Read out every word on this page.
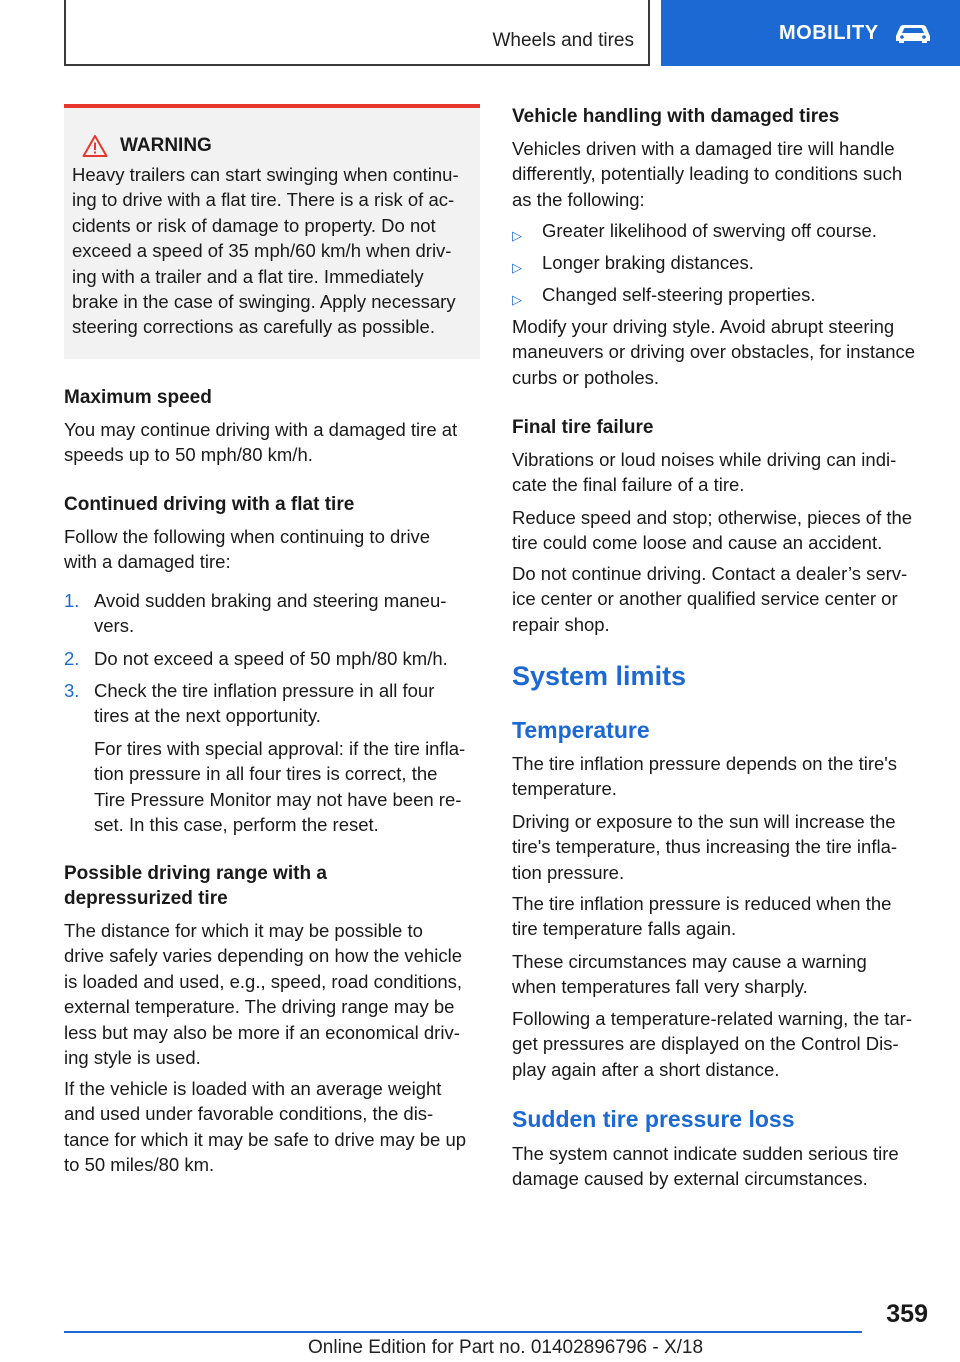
Wheels and tires	MOBILITY
WARNING
Heavy trailers can start swinging when continu-
ing to drive with a flat tire. There is a risk of ac-
cidents or risk of damage to property. Do not
exceed a speed of 35 mph/60 km/h when driv-
ing with a trailer and a flat tire. Immediately
brake in the case of swinging. Apply necessary
steering corrections as carefully as possible.
Maximum speed
You may continue driving with a damaged tire at
speeds up to 50 mph/80 km/h.
Continued driving with a flat tire
Follow the following when continuing to drive
with a damaged tire:
1. Avoid sudden braking and steering maneu-
vers.
2. Do not exceed a speed of 50 mph/80 km/h.
3. Check the tire inflation pressure in all four
tires at the next opportunity.
For tires with special approval: if the tire infla-
tion pressure in all four tires is correct, the
Tire Pressure Monitor may not have been re-
set. In this case, perform the reset.
Possible driving range with a
depressurized tire
The distance for which it may be possible to
drive safely varies depending on how the vehicle
is loaded and used, e.g., speed, road conditions,
external temperature. The driving range may be
less but may also be more if an economical driv-
ing style is used.
If the vehicle is loaded with an average weight
and used under favorable conditions, the dis-
tance for which it may be safe to drive may be up
to 50 miles/80 km.
Vehicle handling with damaged tires
Vehicles driven with a damaged tire will handle
differently, potentially leading to conditions such
as the following:
▷ Greater likelihood of swerving off course.
▷ Longer braking distances.
▷ Changed self-steering properties.
Modify your driving style. Avoid abrupt steering
maneuvers or driving over obstacles, for instance
curbs or potholes.
Final tire failure
Vibrations or loud noises while driving can indi-
cate the final failure of a tire.
Reduce speed and stop; otherwise, pieces of the
tire could come loose and cause an accident.
Do not continue driving. Contact a dealer’s serv-
ice center or another qualified service center or
repair shop.
System limits
Temperature
The tire inflation pressure depends on the tire's
temperature.
Driving or exposure to the sun will increase the
tire's temperature, thus increasing the tire infla-
tion pressure.
The tire inflation pressure is reduced when the
tire temperature falls again.
These circumstances may cause a warning
when temperatures fall very sharply.
Following a temperature-related warning, the tar-
get pressures are displayed on the Control Dis-
play again after a short distance.
Sudden tire pressure loss
The system cannot indicate sudden serious tire
damage caused by external circumstances.
359
Online Edition for Part no. 01402896796 - X/18
